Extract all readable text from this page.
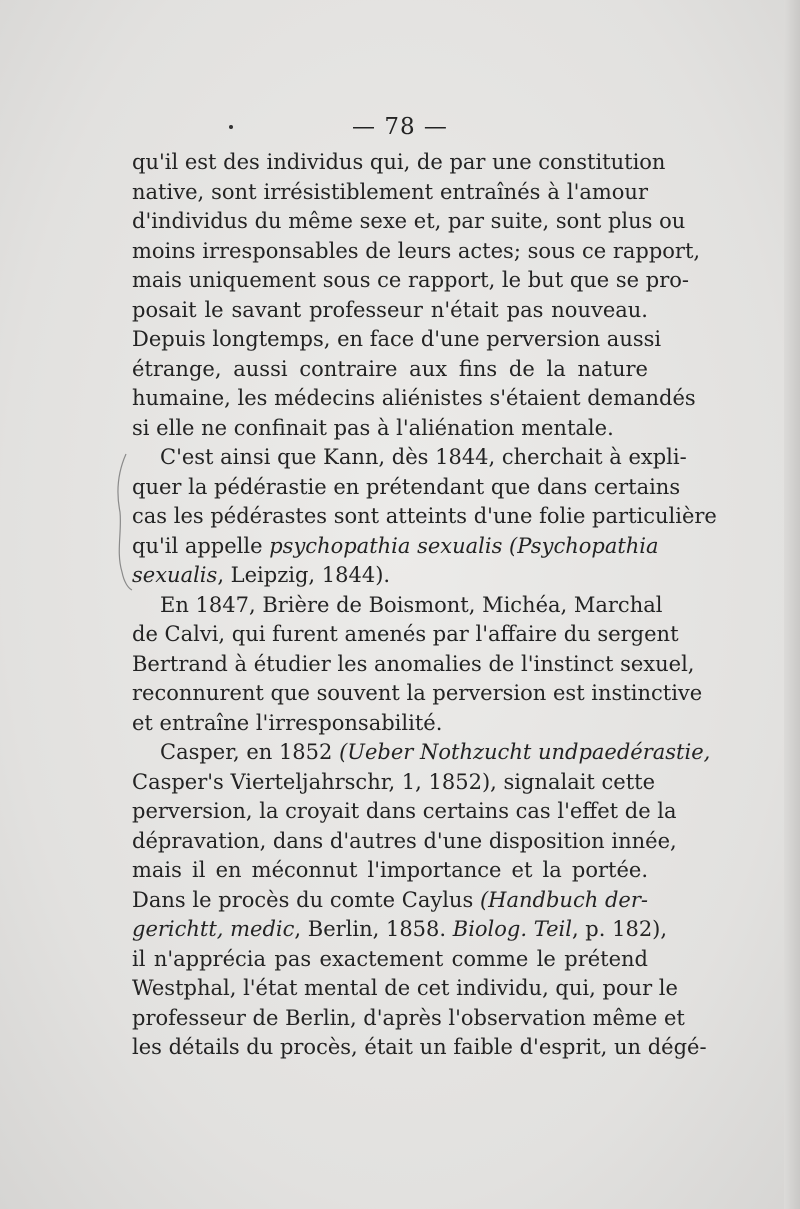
— 78 —
qu'il est des individus qui, de par une constitution
native, sont irrésistiblement entraînés à l'amour
d'individus du même sexe et, par suite, sont plus ou
moins irresponsables de leurs actes; sous ce rapport,
mais uniquement sous ce rapport, le but que se pro-
posait le savant professeur n'était pas nouveau.
Depuis longtemps, en face d'une perversion aussi
étrange, aussi contraire aux fins de la nature
humaine, les médecins aliénistes s'étaient demandés
si elle ne confinait pas à l'aliénation mentale.
C'est ainsi que Kann, dès 1844, cherchait à expli-
quer la pédérastie en prétendant que dans certains
cas les pédérastes sont atteints d'une folie particulière
qu'il appelle psychopathia sexualis (Psychopathia
sexualis, Leipzig, 1844).
En 1847, Brière de Boismont, Michéa, Marchal
de Calvi, qui furent amenés par l'affaire du sergent
Bertrand à étudier les anomalies de l'instinct sexuel,
reconnurent que souvent la perversion est instinctive
et entraîne l'irresponsabilité.
Casper, en 1852 (Ueber Nothzucht undpaedérastie,
Casper's Vierteljahrschr, 1, 1852), signalait cette
perversion, la croyait dans certains cas l'effet de la
dépravation, dans d'autres d'une disposition innée,
mais il en méconnut l'importance et la portée.
Dans le procès du comte Caylus (Handbuch der-
gerichtt, medic, Berlin, 1858. Biolog. Teil, p. 182),
il n'apprécia pas exactement comme le prétend
Westphal, l'état mental de cet individu, qui, pour le
professeur de Berlin, d'après l'observation même et
les détails du procès, était un faible d'esprit, un dégé-
